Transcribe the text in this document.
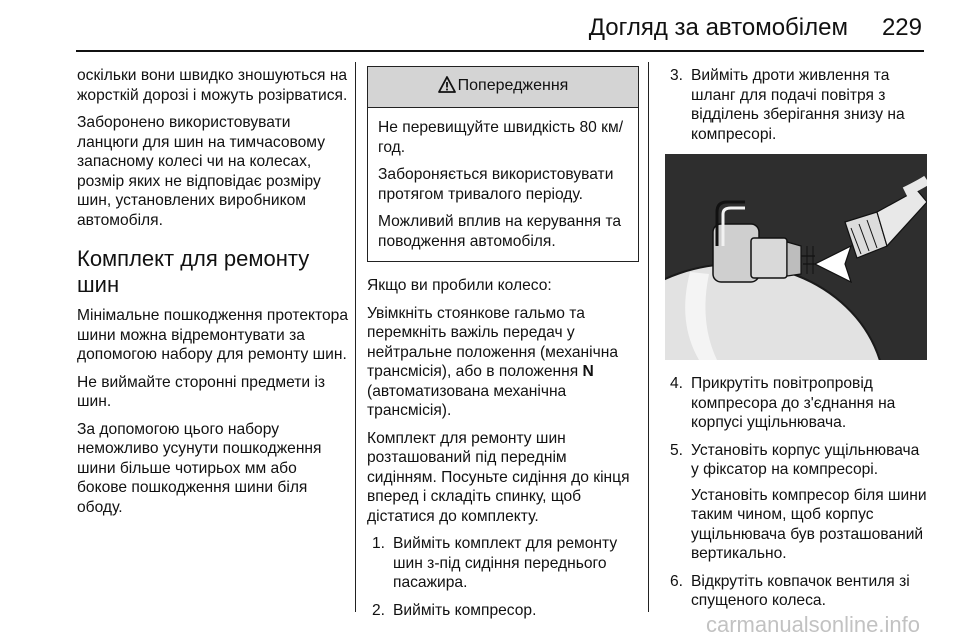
Догляд за автомобілем 229

оскільки вони швидко зношуються на жорсткій дорозі і можуть розірватися.

Заборонено використовувати ланцюги для шин на тимчасовому запасному колесі чи на колесах, розмір яких не відповідає розміру шин, установлених виробником автомобіля.

Комплект для ремонту шин

Мінімальне пошкодження протектора шини можна відремонтувати за допомогою набору для ремонту шин.

Не виймайте сторонні предмети із шин.

За допомогою цього набору неможливо усунути пошкодження шини більше чотирьох мм або бокове пошкодження шини біля ободу.

Попередження

Не перевищуйте швидкість 80 км/год.

Забороняється використовувати протягом тривалого періоду.

Можливий вплив на керування та поводження автомобіля.

Якщо ви пробили колесо:

Увімкніть стоянкове гальмо та перемкніть важіль передач у нейтральне положення (механічна трансмісія), або в положення N (автоматизована механічна трансмісія).

Комплект для ремонту шин розташований під переднім сидінням. Посуньте сидіння до кінця вперед і складіть спинку, щоб дістатися до комплекту.

1. Вийміть комплект для ремонту шин з-під сидіння переднього пасажира.
2. Вийміть компресор.
3. Вийміть дроти живлення та шланг для подачі повітря з відділень зберігання знизу на компресорі.
4. Прикрутіть повітропровід компресора до з'єднання на корпусі ущільнювача.
5. Установіть корпус ущільнювача у фіксатор на компресорі.
Установіть компресор біля шини таким чином, щоб корпус ущільнювача був розташований вертикально.
6. Відкрутіть ковпачок вентиля зі спущеного колеса.
carmanualsonline.info
